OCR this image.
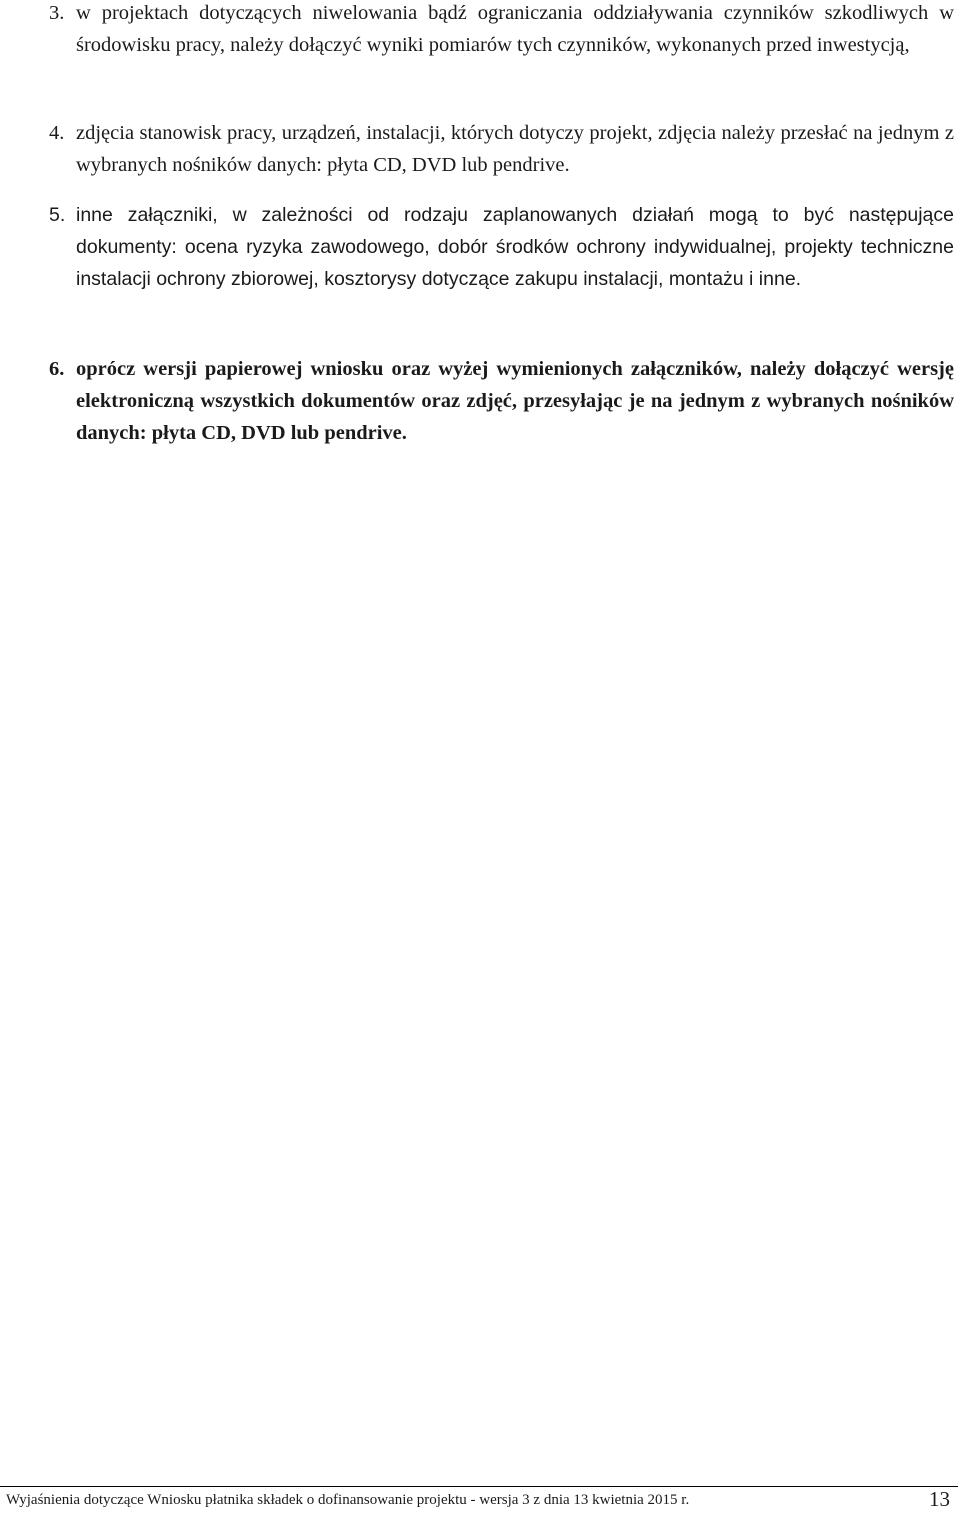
3. w projektach dotyczących niwelowania bądź ograniczania oddziaływania czynników szkodliwych w środowisku pracy, należy dołączyć wyniki pomiarów tych czynników, wykonanych przed inwestycją,
4. zdjęcia stanowisk pracy, urządzeń, instalacji, których dotyczy projekt, zdjęcia należy przesłać na jednym z wybranych nośników danych: płyta CD, DVD lub pendrive.
5. inne załączniki, w zależności od rodzaju zaplanowanych działań mogą to być następujące dokumenty: ocena ryzyka zawodowego, dobór środków ochrony indywidualnej, projekty techniczne instalacji ochrony zbiorowej, kosztorysy dotyczące zakupu instalacji, montażu i inne.
6. oprócz wersji papierowej wniosku oraz wyżej wymienionych załączników, należy dołączyć wersję elektroniczną wszystkich dokumentów oraz zdjęć, przesyłając je na jednym z wybranych nośników danych: płyta CD, DVD lub pendrive.
Wyjaśnienia dotyczące Wniosku płatnika składek o dofinansowanie projektu - wersja 3 z dnia 13 kwietnia 2015 r.	13
